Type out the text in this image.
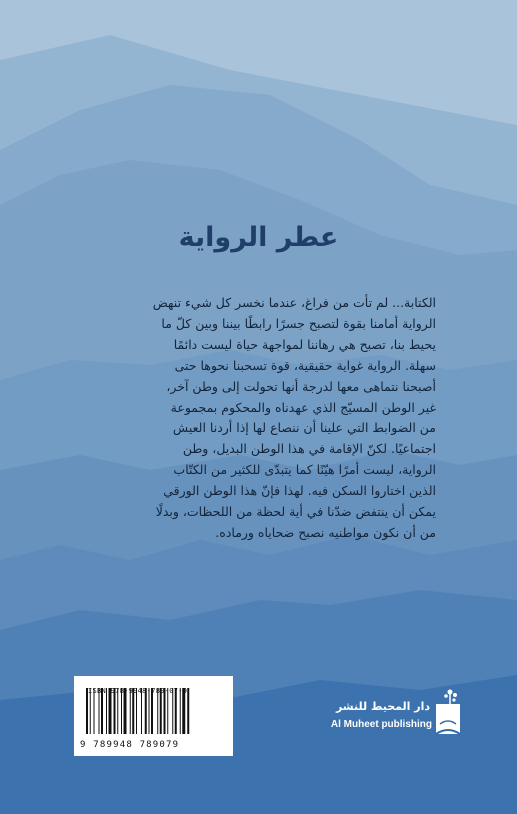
عطر الرواية
الكتابة... لم تأت من فراغ، عندما نخسر كل شيء تنهض
الرواية أمامنا بقوة لتصبح جسرًا رابطًا بيننا وبين كلّ ما
يحيط بنا، تصبح هي رهاننا لمواجهة حياة ليست دائمًا
سهلة. الرواية غواية حقيقية، قوة تسحبنا نحوها حتى
أصبحنا نتماهى معها لدرجة أنها تحولت إلى وطن آخر،
غير الوطن المسيّج الذي عهدناه والمحكوم بمجموعة
من الضوابط التي علينا أن ننصاع لها إذا أردنا العيش
اجتماعيًا. لكنّ الإقامة في هذا الوطن البديل، وطن
الرواية، ليست أمرًا هيّنًا كما يتبدّى للكثير من الكتّاب
الذين اختاروا السكن فيه. لهذا فإنّ هذا الوطن الورقي
يمكن أن ينتفض ضدّنا في أية لحظة من اللحظات، وبدلًا
من أن نكون مواطنيه نصبح ضحاياه ورماده.
ISBN 978-9948-789-07-9
9 789948 789079
دار المحيط للنشر
Al Muheet publishing
